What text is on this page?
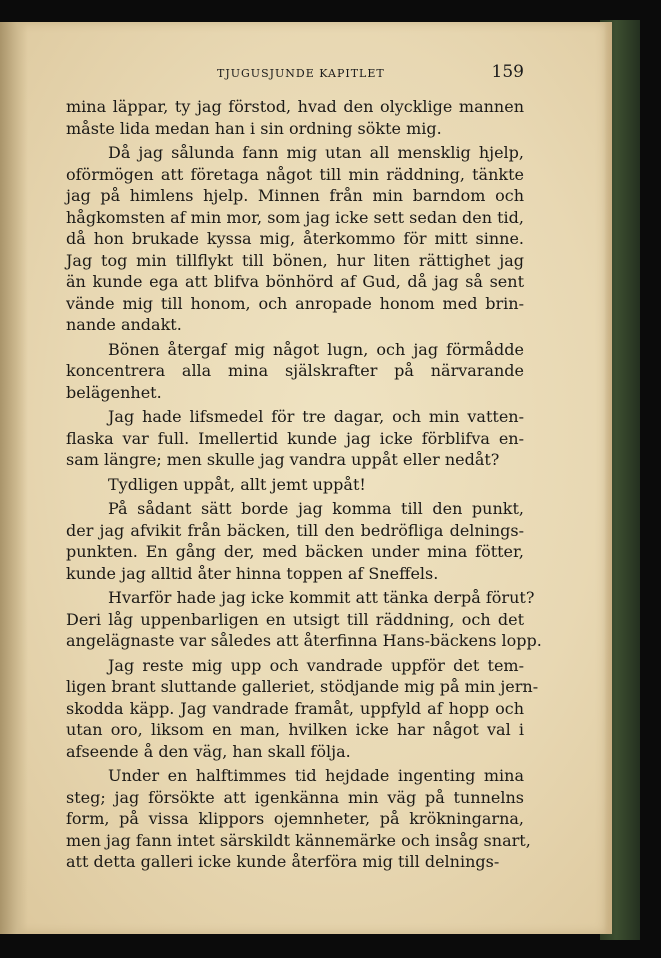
TJUGUSJUNDE KAPITLET	159
mina läppar, ty jag förstod, hvad den olycklige mannen
måste lida medan han i sin ordning sökte mig.
Då jag sålunda fann mig utan all mensklig hjelp,
oförmögen att företaga något till min räddning, tänkte
jag på himlens hjelp. Minnen från min barndom och
hågkomsten af min mor, som jag icke sett sedan den tid,
då hon brukade kyssa mig, återkommo för mitt sinne.
Jag tog min tillflykt till bönen, hur liten rättighet jag
än kunde ega att blifva bönhörd af Gud, då jag så sent
vände mig till honom, och anropade honom med brin-
nande andakt.
Bönen återgaf mig något lugn, och jag förmådde
koncentrera alla mina själskrafter på närvarande
belägenhet.
Jag hade lifsmedel för tre dagar, och min vatten-
flaska var full. Imellertid kunde jag icke förblifva en-
sam längre; men skulle jag vandra uppåt eller nedåt?
Tydligen uppåt, allt jemt uppåt!
På sådant sätt borde jag komma till den punkt,
der jag afvikit från bäcken, till den bedröfliga delnings-
punkten. En gång der, med bäcken under mina fötter,
kunde jag alltid åter hinna toppen af Sneffels.
Hvarför hade jag icke kommit att tänka derpå förut?
Deri låg uppenbarligen en utsigt till räddning, och det
angelägnaste var således att återfinna Hans-bäckens lopp.
Jag reste mig upp och vandrade uppför det tem-
ligen brant sluttande galleriet, stödjande mig på min jern-
skodda käpp. Jag vandrade framåt, uppfyld af hopp och
utan oro, liksom en man, hvilken icke har något val i
afseende å den väg, han skall följa.
Under en halftimmes tid hejdade ingenting mina
steg; jag försökte att igenkänna min väg på tunnelns
form, på vissa klippors ojemnheter, på krökningarna,
men jag fann intet särskildt kännemärke och insåg snart,
att detta galleri icke kunde återföra mig till delnings-
